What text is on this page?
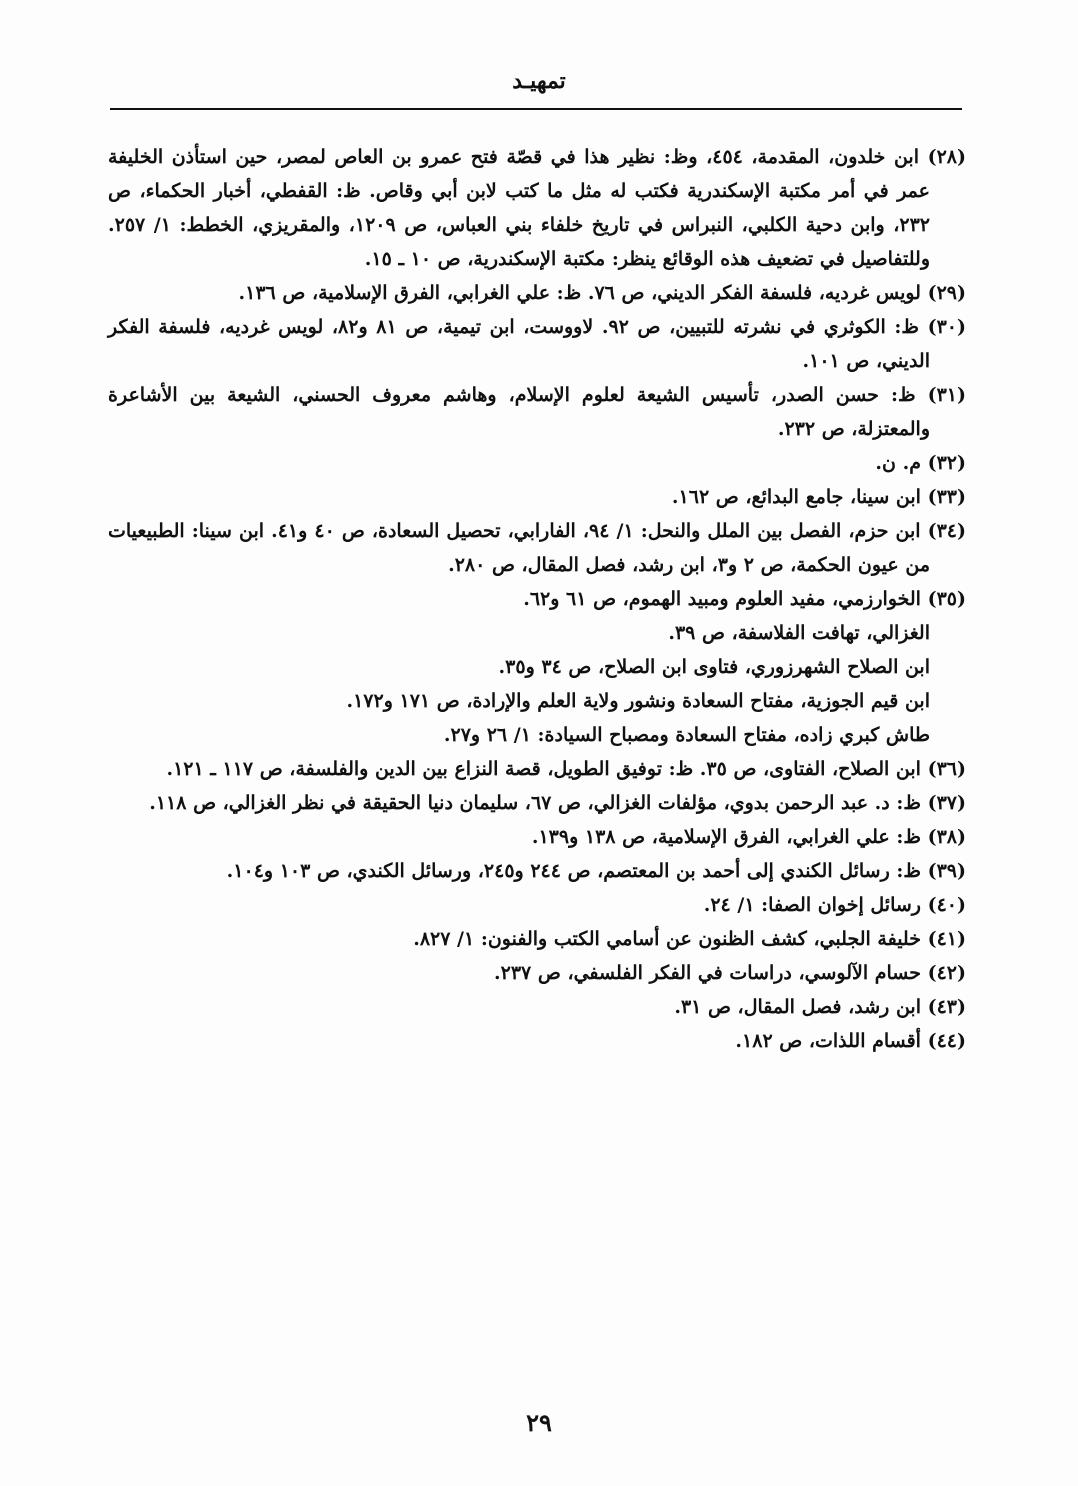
تمهيـد

(٢٨) ابن خلدون، المقدمة، ٤٥٤، وظ: نظير هذا في قصّة فتح عمرو بن العاص لمصر، حين استأذن الخليفة عمر في أمر مكتبة الإسكندرية فكتب له مثل ما كتب لابن أبي وقاص. ظ: القفطي، أخبار الحكماء، ص ٢٣٢، وابن دحية الكلبي، النبراس في تاريخ خلفاء بني العباس، ص ١٢٠٩، والمقريزي، الخطط: ١/ ٢٥٧. وللتفاصيل في تضعيف هذه الوقائع ينظر: مكتبة الإسكندرية، ص ١٠ ـ ١٥.

(٢٩) لويس غرديه، فلسفة الفكر الديني، ص ٧٦. ظ: علي الغرابي، الفرق الإسلامية، ص ١٣٦.

(٣٠) ظ: الكوثري في نشرته للتبيين، ص ٩٢. لاووست، ابن تيمية، ص ٨١ و٨٢، لويس غرديه، فلسفة الفكر الديني، ص ١٠١.

(٣١) ظ: حسن الصدر، تأسيس الشيعة لعلوم الإسلام، وهاشم معروف الحسني، الشيعة بين الأشاعرة والمعتزلة، ص ٢٣٢.

(٣٢) م. ن.

(٣٣) ابن سينا، جامع البدائع، ص ١٦٢.

(٣٤) ابن حزم، الفصل بين الملل والنحل: ١/ ٩٤، الفارابي، تحصيل السعادة، ص ٤٠ و٤١. ابن سينا: الطبيعيات من عيون الحكمة، ص ٢ و٣، ابن رشد، فصل المقال، ص ٢٨٠.

(٣٥) الخوارزمي، مفيد العلوم ومبيد الهموم، ص ٦١ و٦٢.

الغزالي، تهافت الفلاسفة، ص ٣٩.

ابن الصلاح الشهرزوري، فتاوى ابن الصلاح، ص ٣٤ و٣٥.

ابن قيم الجوزية، مفتاح السعادة ونشور ولاية العلم والإرادة، ص ١٧١ و١٧٢.

طاش كبري زاده، مفتاح السعادة ومصباح السيادة: ١/ ٢٦ و٢٧.

(٣٦) ابن الصلاح، الفتاوى، ص ٣٥. ظ: توفيق الطويل، قصة النزاع بين الدين والفلسفة، ص ١١٧ ـ ١٢١.

(٣٧) ظ: د. عبد الرحمن بدوي، مؤلفات الغزالي، ص ٦٧، سليمان دنيا الحقيقة في نظر الغزالي، ص ١١٨.

(٣٨) ظ: علي الغرابي، الفرق الإسلامية، ص ١٣٨ و١٣٩.

(٣٩) ظ: رسائل الكندي إلى أحمد بن المعتصم، ص ٢٤٤ و٢٤٥، ورسائل الكندي، ص ١٠٣ و١٠٤.

(٤٠) رسائل إخوان الصفا: ١/ ٢٤.

(٤١) خليفة الجلبي، كشف الظنون عن أسامي الكتب والفنون: ١/ ٨٢٧.

(٤٢) حسام الآلوسي، دراسات في الفكر الفلسفي، ص ٢٣٧.

(٤٣) ابن رشد، فصل المقال، ص ٣١.

(٤٤) أقسام اللذات، ص ١٨٢.

٢٩
